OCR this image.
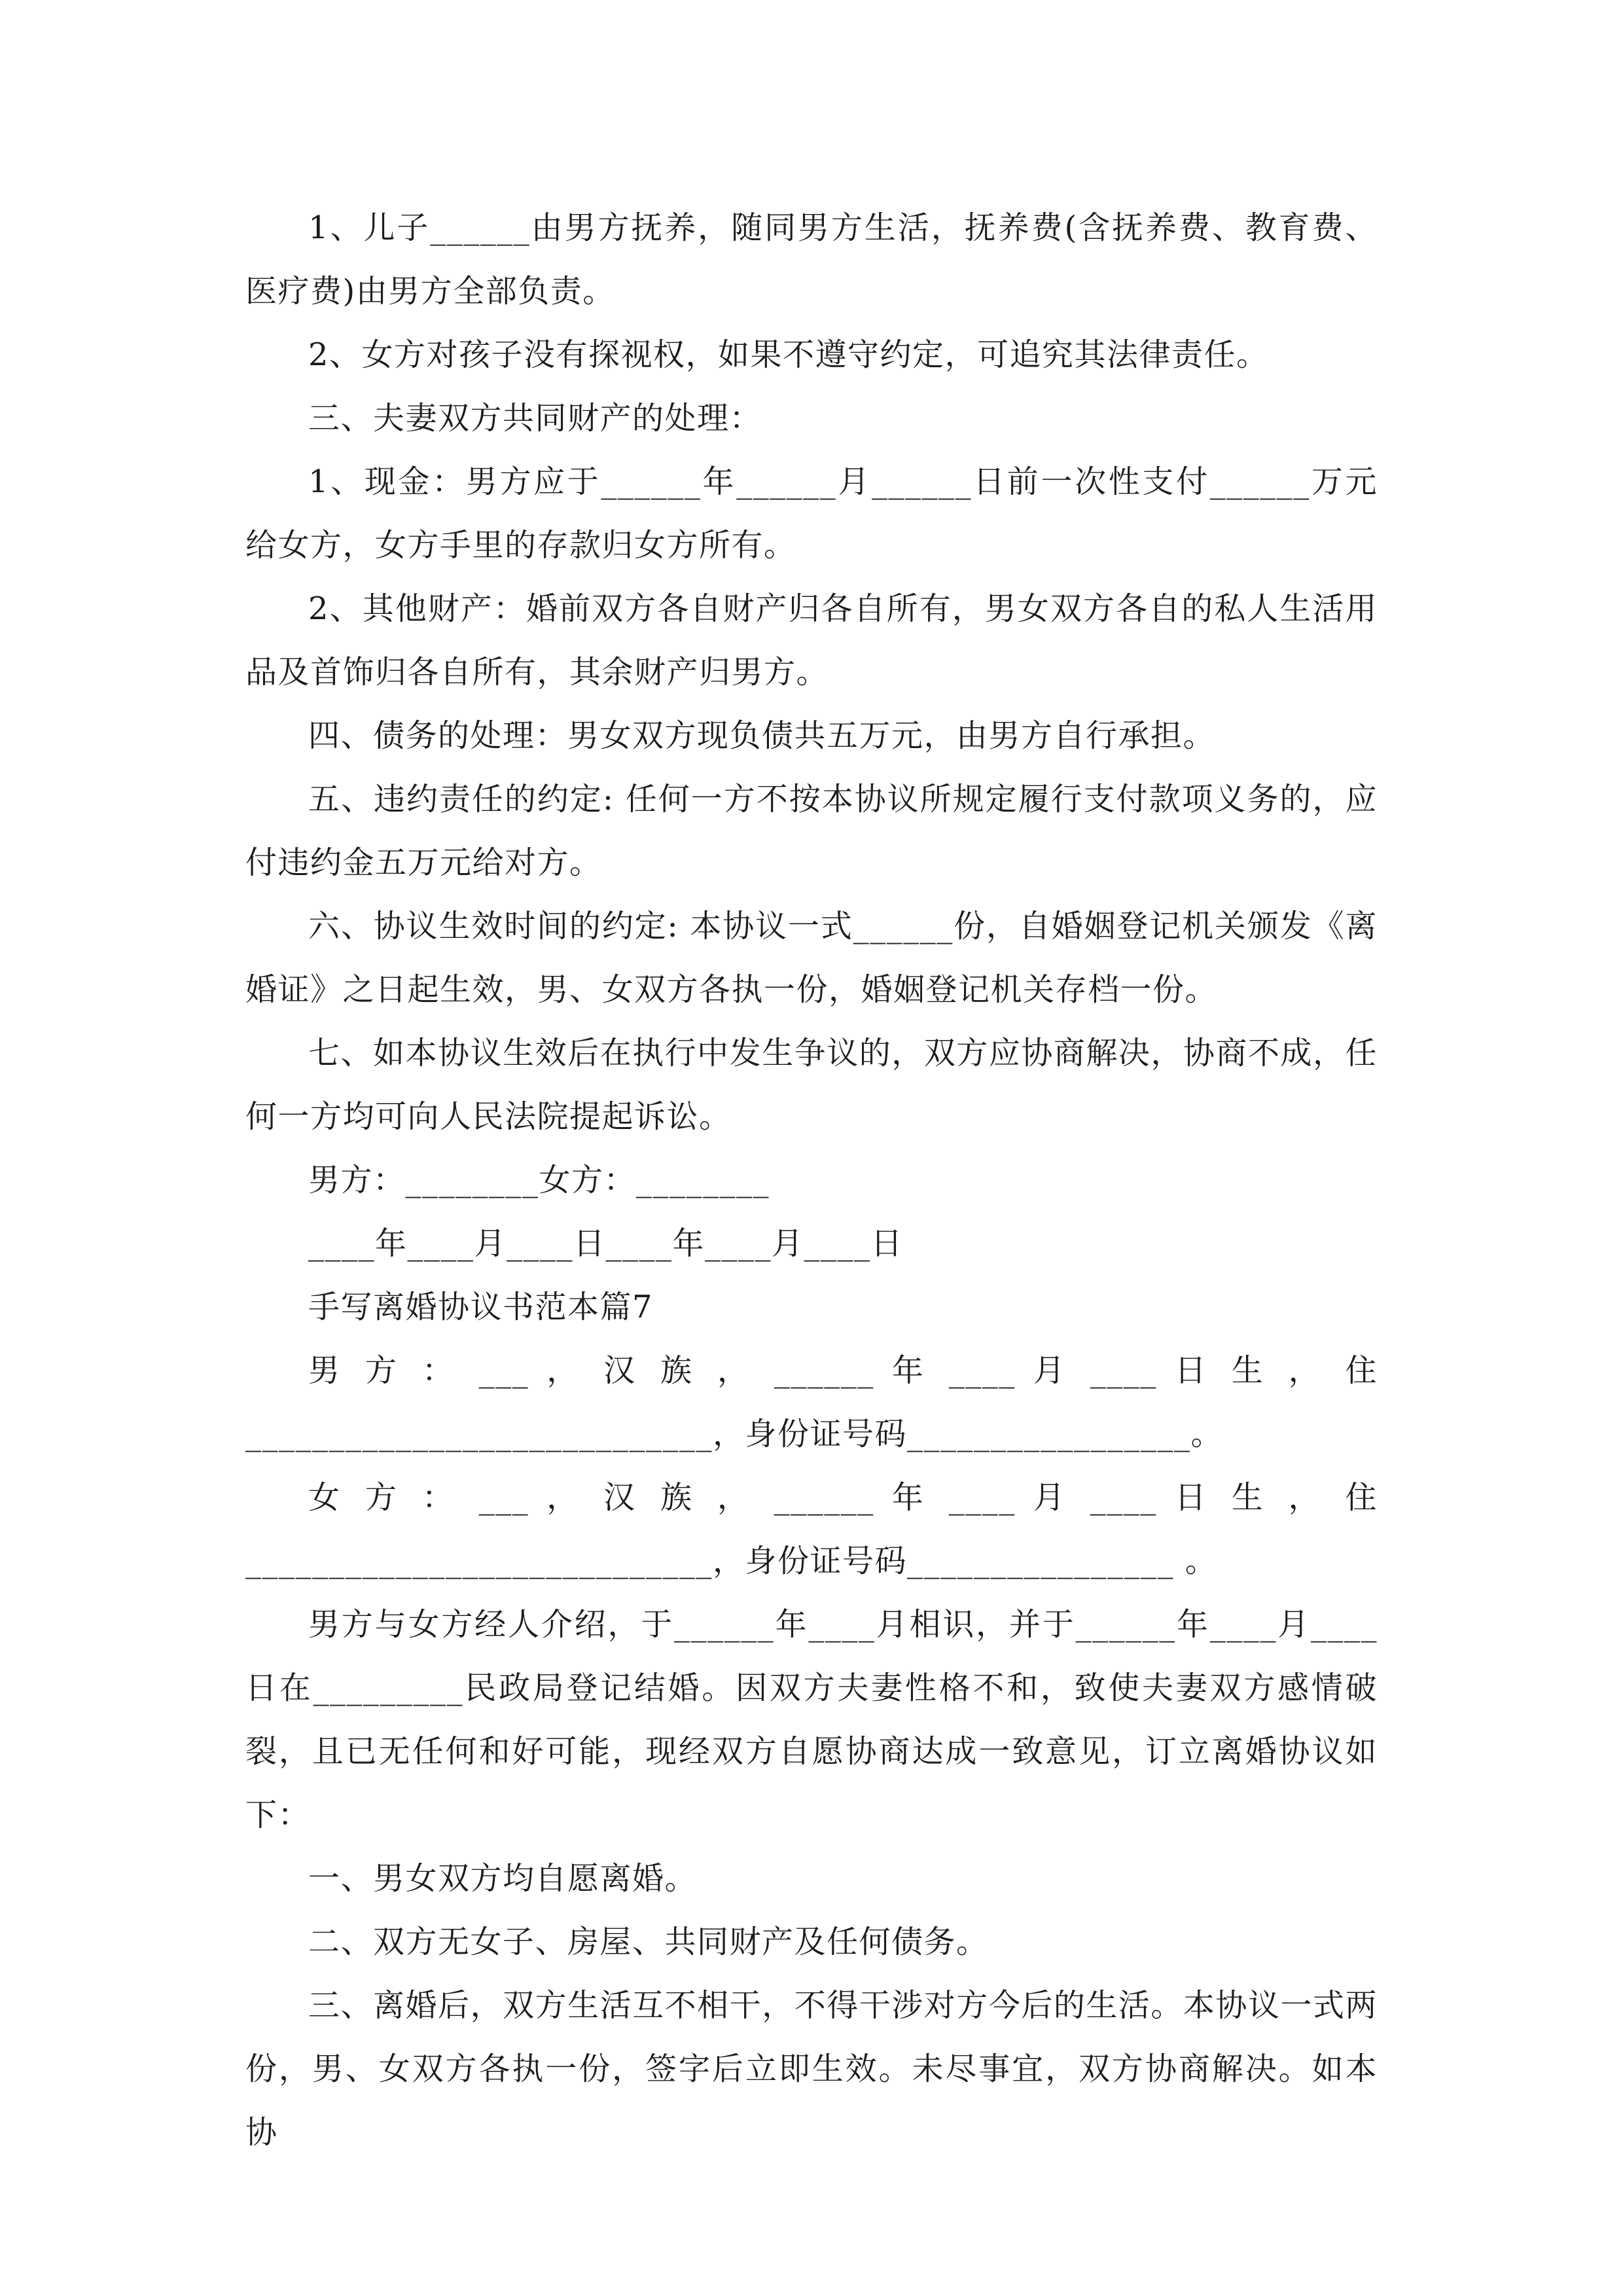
1、儿子______由男方抚养，随同男方生活，抚养费(含抚养费、教育费、医疗费)由男方全部负责。

2、女方对孩子没有探视权，如果不遵守约定，可追究其法律责任。

三、夫妻双方共同财产的处理：

1、现金：男方应于______年______月______日前一次性支付______万元给女方，女方手里的存款归女方所有。

2、其他财产：婚前双方各自财产归各自所有，男女双方各自的私人生活用品及首饰归各自所有，其余财产归男方。

四、债务的处理：男女双方现负债共五万元，由男方自行承担。

五、违约责任的约定: 任何一方不按本协议所规定履行支付款项义务的，应付违约金五万元给对方。

六、协议生效时间的约定: 本协议一式______份，自婚姻登记机关颁发《离婚证》之日起生效，男、女双方各执一份，婚姻登记机关存档一份。

七、如本协议生效后在执行中发生争议的，双方应协商解决，协商不成，任何一方均可向人民法院提起诉讼。

男方：________女方：________

____年____月____日____年____月____日

手写离婚协议书范本篇7

男 方 ： ___ ， 汉 族 ， ______ 年 ____ 月 ____ 日 生 ， 住 ____________________________，身份证号码_________________。

女 方 ： ___ ， 汉 族 ， ______ 年 ____ 月 ____ 日 生 ， 住 ____________________________，身份证号码________________ 。

男方与女方经人介绍，于______年____月相识，并于______年____月____日在_________民政局登记结婚。因双方夫妻性格不和，致使夫妻双方感情破裂，且已无任何和好可能，现经双方自愿协商达成一致意见，订立离婚协议如下：

一、男女双方均自愿离婚。

二、双方无女子、房屋、共同财产及任何债务。

三、离婚后，双方生活互不相干，不得干涉对方今后的生活。本协议一式两份，男、女双方各执一份，签字后立即生效。未尽事宜，双方协商解决。如本协
